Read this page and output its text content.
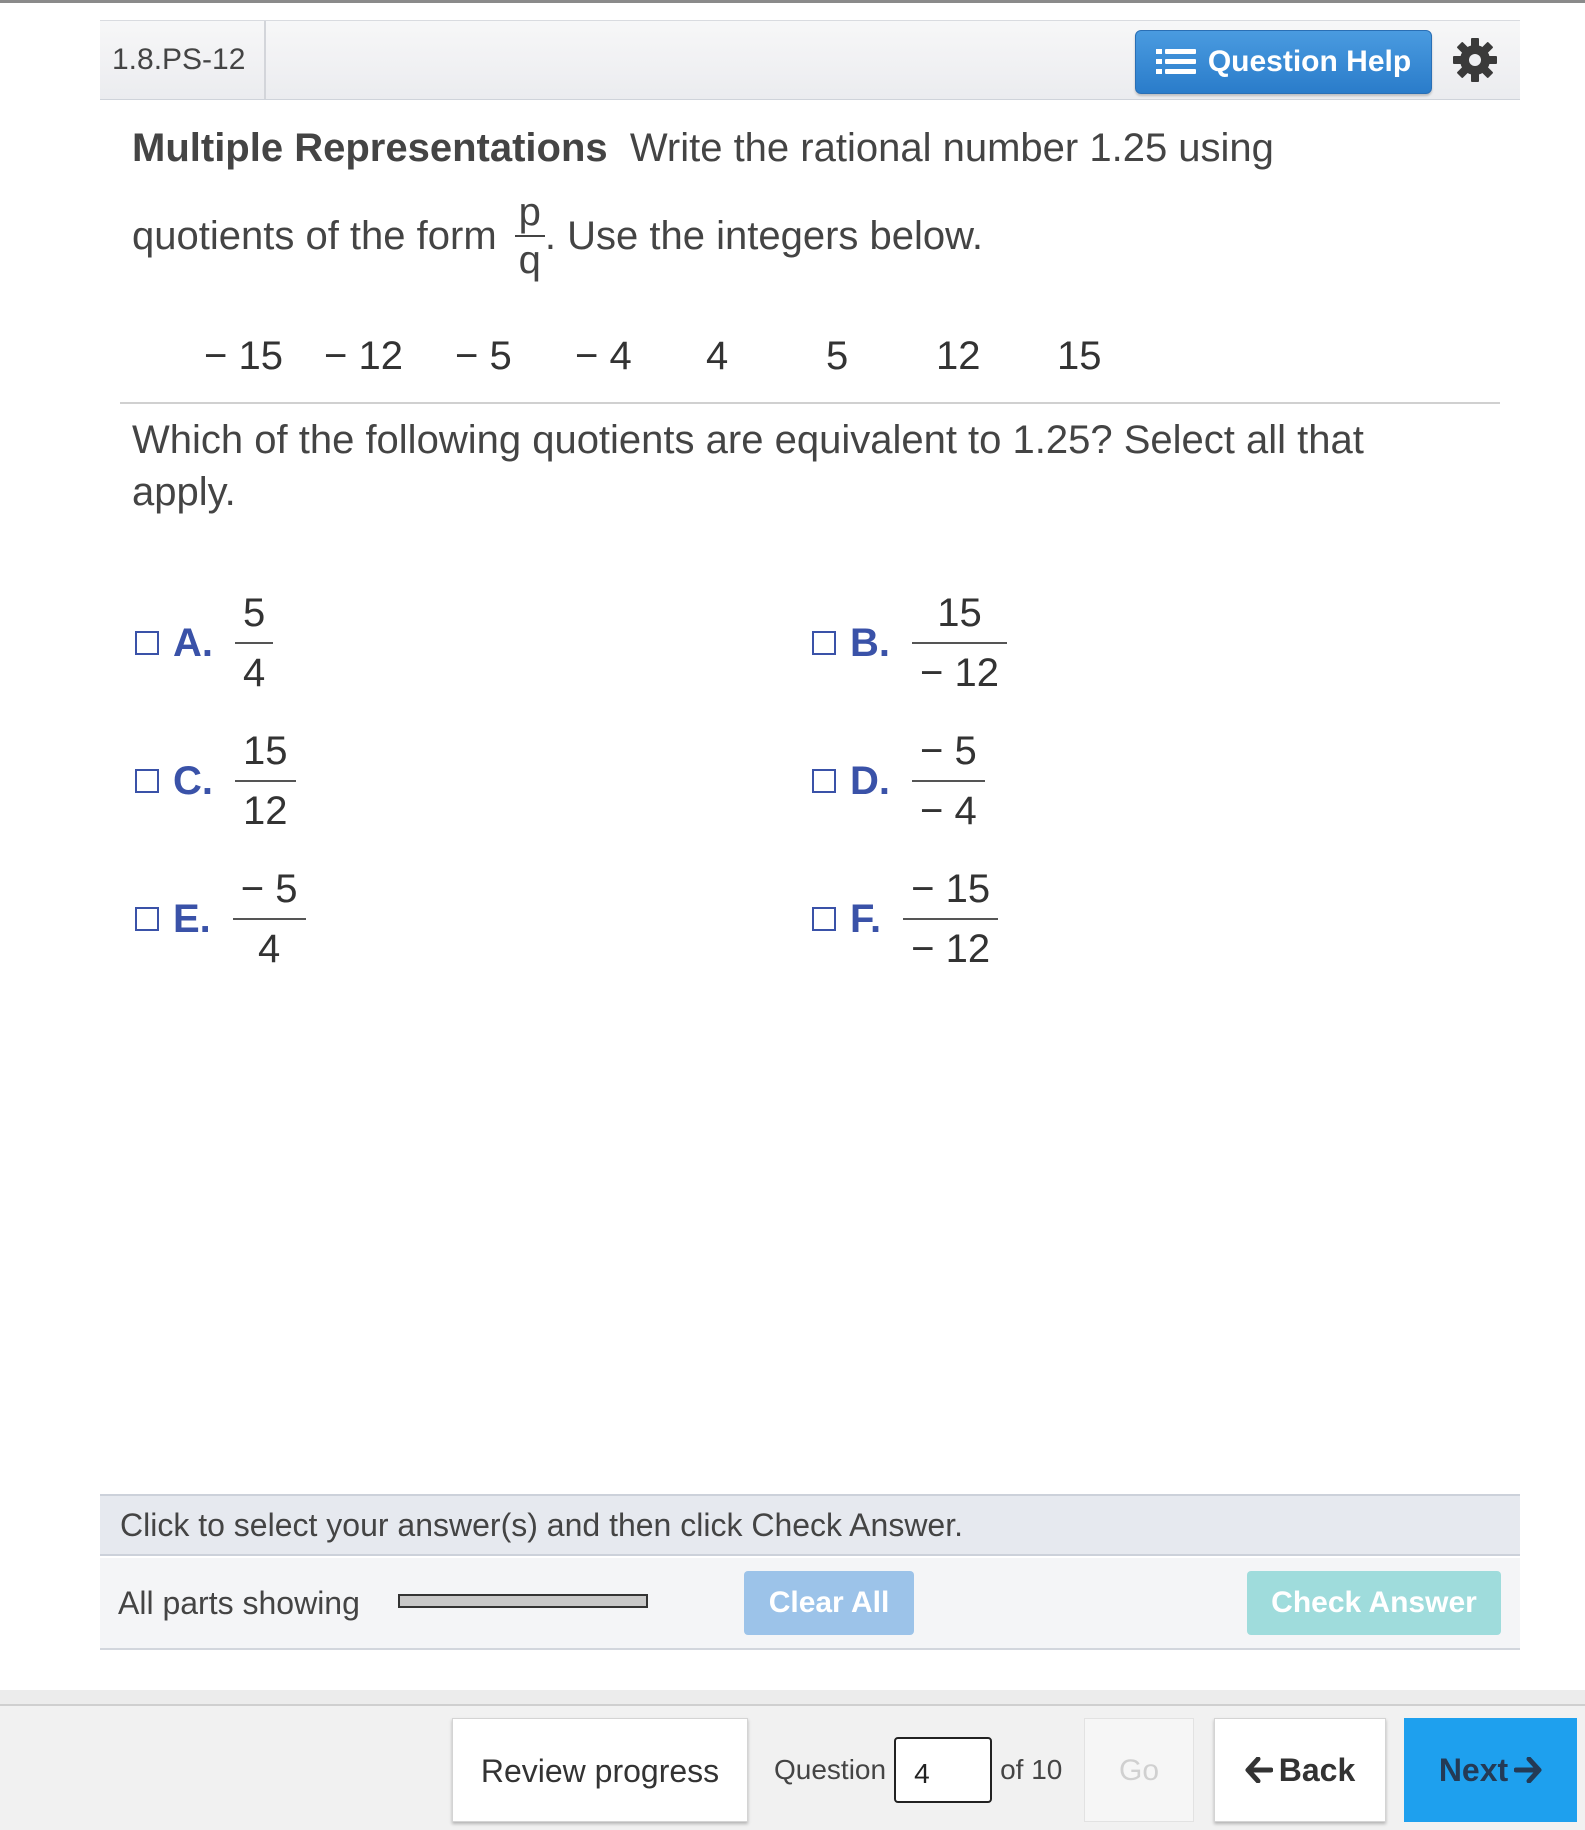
1.8.PS-12	Question Help
Multiple Representations Write the rational number 1.25 using
quotients of the form $\frac{p}{q}$ . Use the integers below.
− 15 − 12 − 5 − 4 4 5 12 15
Which of the following quotients are equivalent to 1.25? Select all that apply.
A. $\frac{5}{4}$	B. $\frac{15}{- 12}$
C. $\frac{15}{12}$	D. $\frac{- 5}{- 4}$
E. $\frac{- 5}{4}$	F. $\frac{- 15}{- 12}$
Click to select your answer(s) and then click Check Answer.
All parts showing	Clear All	Check Answer
Review progress	Question
4	of 10	Go	Back	Next
